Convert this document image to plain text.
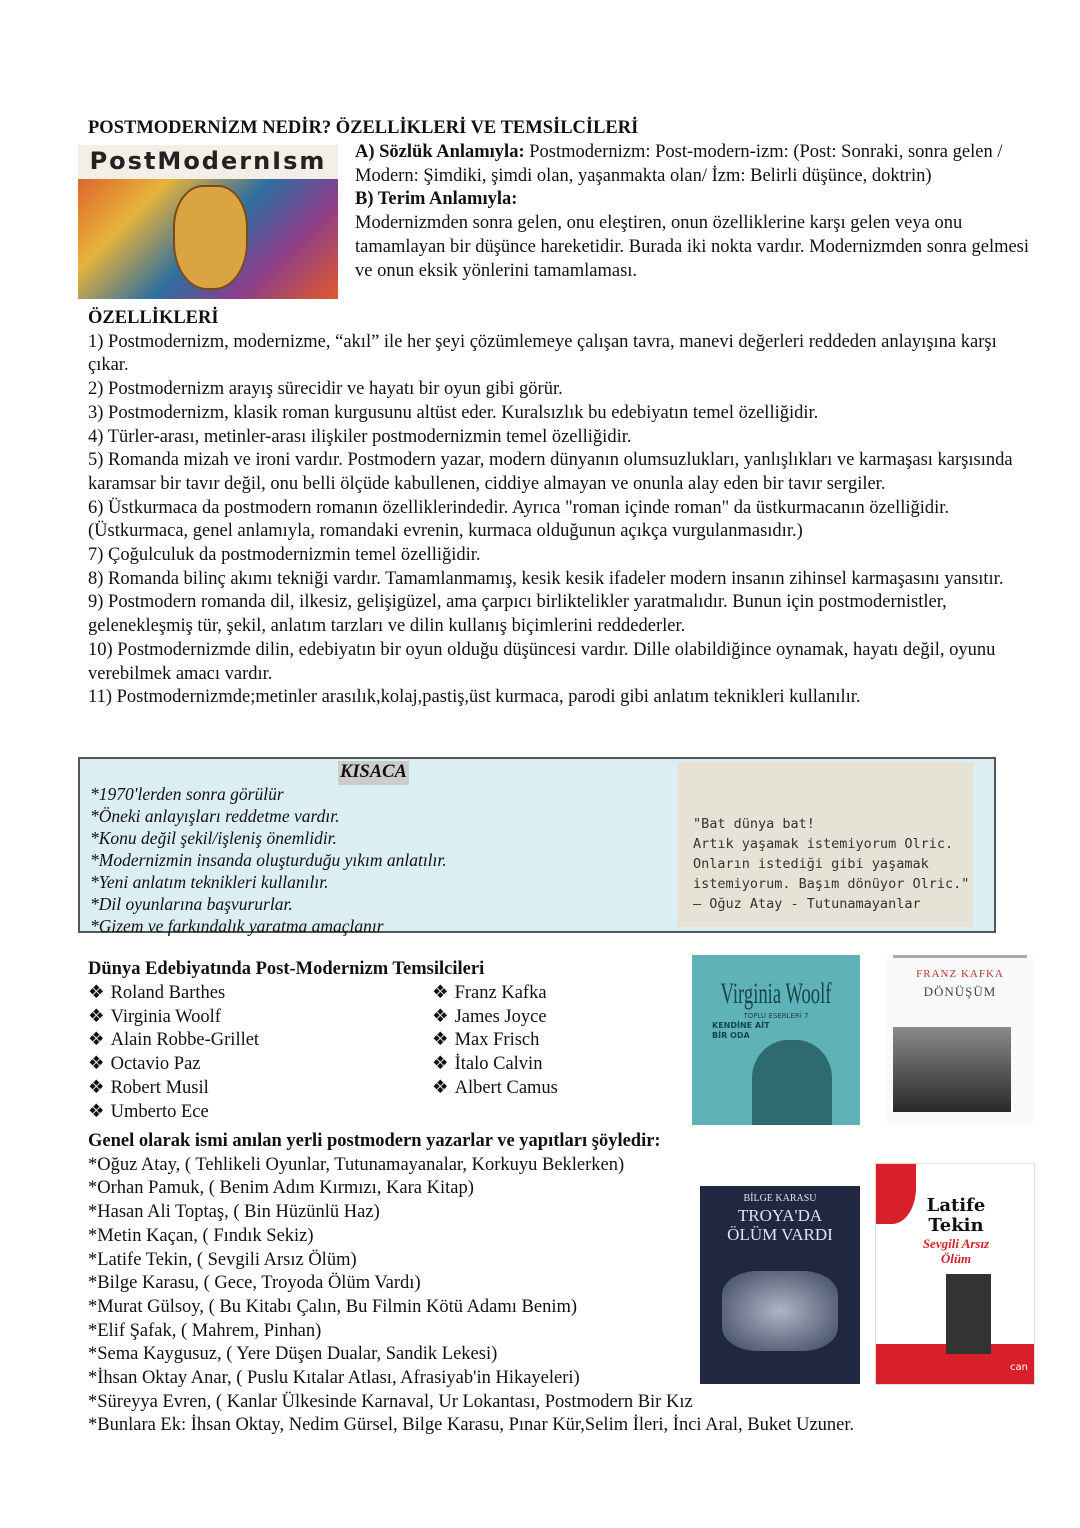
POSTMODERNİZM NEDİR? ÖZELLİKLERİ VE TEMSİLCİLERİ
PostModernIsm	A) Sözlük Anlamıyla: Postmodernizm: Post-modern-izm: (Post: Sonraki, sonra gelen / Modern: Şimdiki, şimdi olan, yaşanmakta olan/ İzm: Belirli düşünce, doktrin)
B) Terim Anlamıyla:
Modernizmden sonra gelen, onu eleştiren, onun özelliklerine karşı gelen veya onu tamamlayan bir düşünce hareketidir. Burada iki nokta vardır. Modernizmden sonra gelmesi ve onun eksik yönlerini tamamlaması.
ÖZELLİKLERİ
1) Postmodernizm, modernizme, “akıl” ile her şeyi çözümlemeye çalışan tavra, manevi değerleri reddeden anlayışına karşı çıkar.
2) Postmodernizm arayış sürecidir ve hayatı bir oyun gibi görür.
3) Postmodernizm, klasik roman kurgusunu altüst eder. Kuralsızlık bu edebiyatın temel özelliğidir.
4) Türler-arası, metinler-arası ilişkiler postmodernizmin temel özelliğidir.
5) Romanda mizah ve ironi vardır. Postmodern yazar, modern dünyanın olumsuzlukları, yanlışlıkları ve karmaşası karşısında karamsar bir tavır değil, onu belli ölçüde kabullenen, ciddiye almayan ve onunla alay eden bir tavır sergiler.
6) Üstkurmaca da postmodern romanın özelliklerindedir. Ayrıca "roman içinde roman" da üstkurmacanın özelliğidir. (Üstkurmaca, genel anlamıyla, romandaki evrenin, kurmaca olduğunun açıkça vurgulanmasıdır.)
7) Çoğulculuk da postmodernizmin temel özelliğidir.
8) Romanda bilinç akımı tekniği vardır. Tamamlanmamış, kesik kesik ifadeler modern insanın zihinsel karmaşasını yansıtır.
9) Postmodern romanda dil, ilkesiz, gelişigüzel, ama çarpıcı birliktelikler yaratmalıdır. Bunun için postmodernistler, gelenekleşmiş tür, şekil, anlatım tarzları ve dilin kullanış biçimlerini reddederler.
10) Postmodernizmde dilin, edebiyatın bir oyun olduğu düşüncesi vardır. Dille olabildiğince oynamak, hayatı değil, oyunu verebilmek amacı vardır.
11) Postmodernizmde;metinler arasılık,kolaj,pastiş,üst kurmaca, parodi gibi anlatım teknikleri kullanılır.
KISACA
*1970'lerden sonra görülür
*Öneki anlayışları reddetme vardır.
*Konu değil şekil/işleniş önemlidir.
*Modernizmin insanda oluşturduğu yıkım anlatılır.
*Yeni anlatım teknikleri kullanılır.
*Dil oyunlarına başvururlar.
*Gizem ve farkındalık yaratma amaçlanır
"Bat dünya bat!
Artık yaşamak istemiyorum Olric.
Onların istediği gibi yaşamak
istemiyorum. Başım dönüyor Olric."
— Oğuz Atay - Tutunamayanlar
Dünya Edebiyatında Post-Modernizm Temsilcileri
❖ Roland Barthes
❖ Virginia Woolf
❖ Alain Robbe-Grillet
❖ Octavio Paz
❖ Robert Musil
❖ Umberto Ece
❖ Franz Kafka
❖ James Joyce
❖ Max Frisch
❖ İtalo Calvin
❖ Albert Camus
Virginia Woolf
TOPLU ESERLERİ 7
KENDİNE AİT BİR ODA
FRANZ KAFKA
DÖNÜŞÜM
BİLGE KARASU
TROYA'DA ÖLÜM VARDI
Latife Tekin
Sevgili Arsız Ölüm
can
Genel olarak ismi anılan yerli postmodern yazarlar ve yapıtları şöyledir:
*Oğuz Atay, ( Tehlikeli Oyunlar, Tutunamayanalar, Korkuyu Beklerken)
*Orhan Pamuk, ( Benim Adım Kırmızı, Kara Kitap)
*Hasan Ali Toptaş, ( Bin Hüzünlü Haz)
*Metin Kaçan, ( Fındık Sekiz)
*Latife Tekin, ( Sevgili Arsız Ölüm)
*Bilge Karasu, ( Gece, Troyoda Ölüm Vardı)
*Murat Gülsoy, ( Bu Kitabı Çalın, Bu Filmin Kötü Adamı Benim)
*Elif Şafak, ( Mahrem, Pinhan)
*Sema Kaygusuz, ( Yere Düşen Dualar, Sandik Lekesi)
*İhsan Oktay Anar, ( Puslu Kıtalar Atlası, Afrasiyab'in Hikayeleri)
*Süreyya Evren, ( Kanlar Ülkesinde Karnaval, Ur Lokantası, Postmodern Bir Kız
*Bunlara Ek: İhsan Oktay, Nedim Gürsel, Bilge Karasu, Pınar Kür,Selim İleri, İnci Aral, Buket Uzuner.
